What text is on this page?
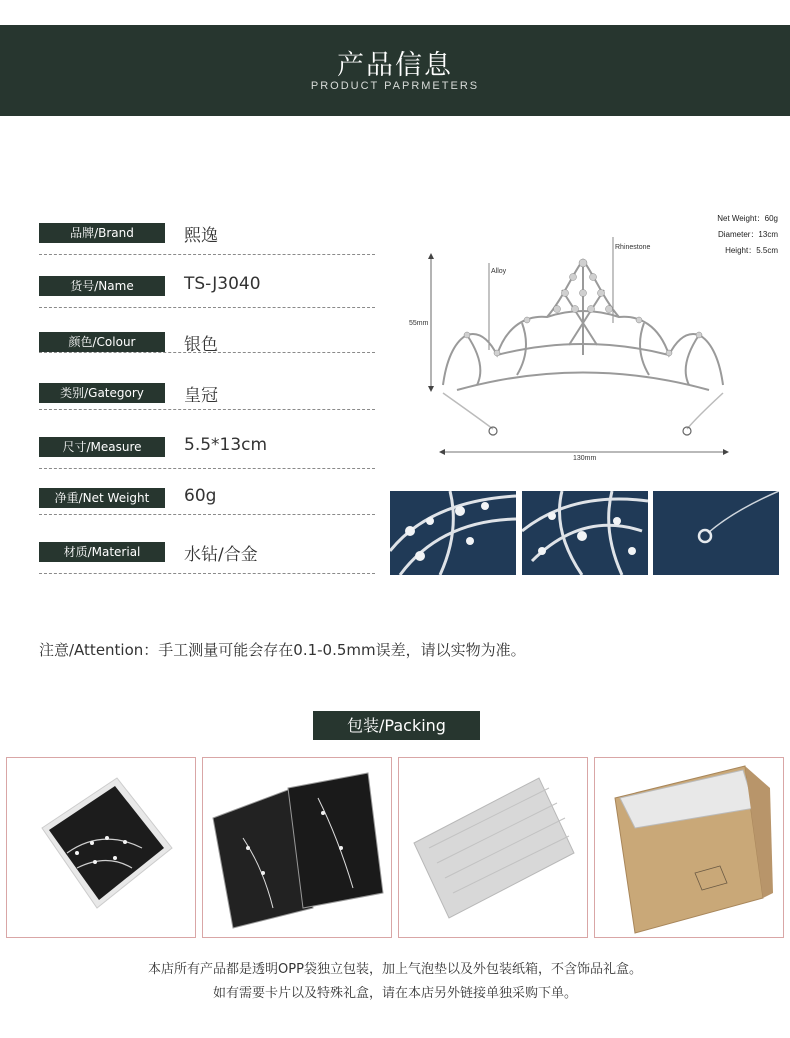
产品信息
PRODUCT PAPRMETERS
品牌/Brand	熙逸
货号/Name	TS-J3040
颜色/Colour	银色
类别/Gategory	皇冠
尺寸/Measure	5.5*13cm
净重/Net Weight	60g
材质/Material	水钻/合金
Net Weight：60g
Diameter：13cm
Height：5.5cm
55mm
130mm
Rhinestone
Alloy
注意/Attention：手工测量可能会存在0.1-0.5mm误差，请以实物为准。
包装/Packing
本店所有产品都是透明OPP袋独立包装，加上气泡垫以及外包装纸箱，不含饰品礼盒。
如有需要卡片以及特殊礼盒，请在本店另外链接单独采购下单。
